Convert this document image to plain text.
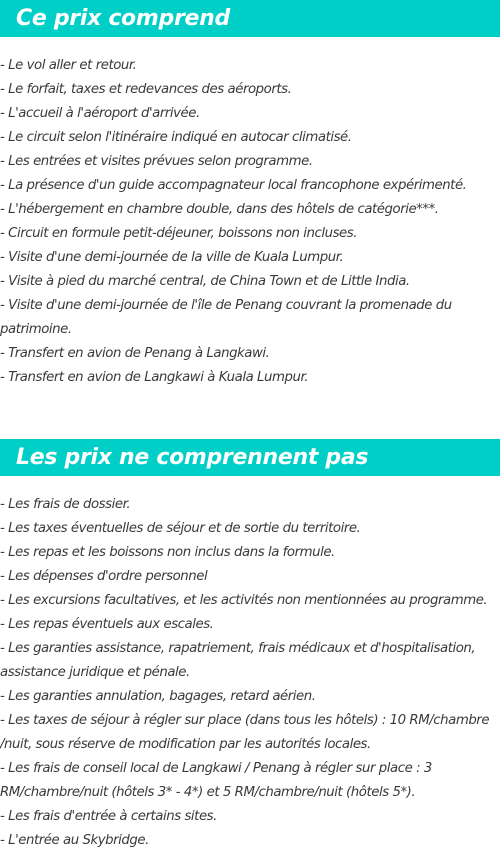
Ce prix comprend
- Le vol aller et retour.
- Le forfait, taxes et redevances des aéroports.
- L'accueil à l'aéroport d'arrivée.
- Le circuit selon l'itinéraire indiqué en autocar climatisé.
- Les entrées et visites prévues selon programme.
- La présence d'un guide accompagnateur local francophone expérimenté.
- L'hébergement en chambre double, dans des hôtels de catégorie***.
- Circuit en formule petit-déjeuner, boissons non incluses.
- Visite d'une demi-journée de la ville de Kuala Lumpur.
- Visite à pied du marché central, de China Town et de Little India.
- Visite d'une demi-journée de l'île de Penang couvrant la promenade du patrimoine.
- Transfert en avion de Penang à Langkawi.
- Transfert en avion de Langkawi à Kuala Lumpur.
Les prix ne comprennent pas
- Les frais de dossier.
- Les taxes éventuelles de séjour et de sortie du territoire.
- Les repas et les boissons non inclus dans la formule.
- Les dépenses d'ordre personnel
- Les excursions facultatives, et les activités non mentionnées au programme.
- Les repas éventuels aux escales.
- Les garanties assistance, rapatriement, frais médicaux et d'hospitalisation, assistance juridique et pénale.
- Les garanties annulation, bagages, retard aérien.
- Les taxes de séjour à régler sur place (dans tous les hôtels) : 10 RM/chambre /nuit, sous réserve de modification par les autorités locales.
- Les frais de conseil local de Langkawi / Penang à régler sur place : 3 RM/chambre/nuit (hôtels 3* - 4*) et 5 RM/chambre/nuit (hôtels 5*).
- Les frais d'entrée à certains sites.
- L'entrée au Skybridge.
